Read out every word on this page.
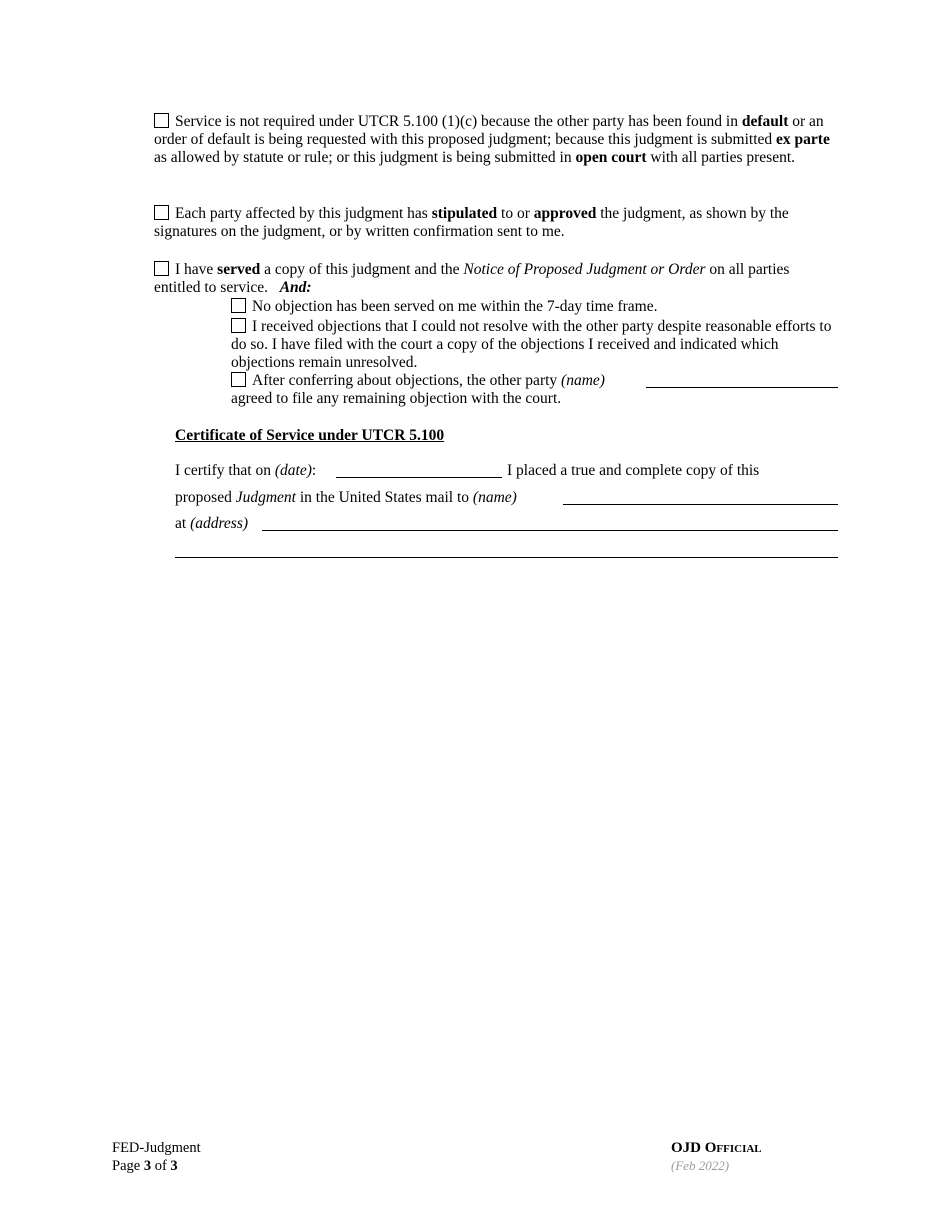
Service is not required under UTCR 5.100 (1)(c) because the other party has been found in default or an order of default is being requested with this proposed judgment; because this judgment is submitted ex parte as allowed by statute or rule; or this judgment is being submitted in open court with all parties present.
Each party affected by this judgment has stipulated to or approved the judgment, as shown by the signatures on the judgment, or by written confirmation sent to me.
I have served a copy of this judgment and the Notice of Proposed Judgment or Order on all parties entitled to service. And:
No objection has been served on me within the 7-day time frame.
I received objections that I could not resolve with the other party despite reasonable efforts to do so. I have filed with the court a copy of the objections I received and indicated which objections remain unresolved.
After conferring about objections, the other party (name)
agreed to file any remaining objection with the court.
Certificate of Service under UTCR 5.100
I certify that on (date):	I placed a true and complete copy of this
proposed Judgment in the United States mail to (name)
at (address)
FED-Judgment
Page 3 of 3
OJD Official
(Feb 2022)
